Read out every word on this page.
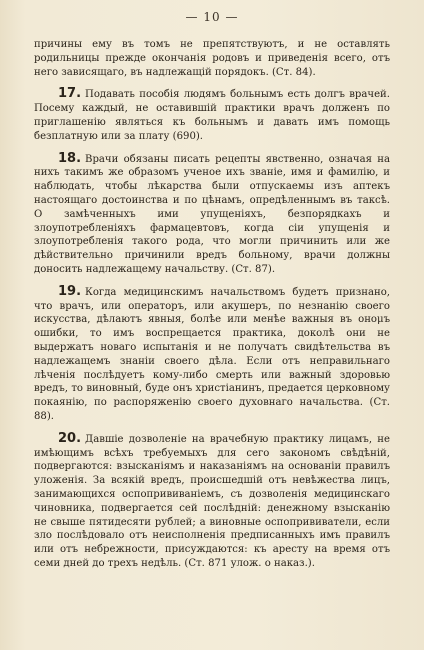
— 10 —

причины ему въ томъ не препятствуютъ, и не оставлять родильницы прежде окончанія родовъ и приведенія всего, отъ него зависящаго, въ надлежащій порядокъ. (Ст. 84).

17. Подавать пособія людямъ больнымъ есть долгъ врачей. Посему каждый, не оставившій практики врачъ долженъ по приглашенію являться къ больнымъ и давать имъ помощь безплатную или за плату (690).

18. Врачи обязаны писать рецепты явственно, означая на нихъ такимъ же образомъ ученое ихъ званіе, имя и фамилію, и наблюдать, чтобы лѣкарства были отпускаемы изъ аптекъ настоящаго достоинства и по цѣнамъ, опредѣленнымъ въ таксѣ. О замѣченныхъ ими упущеніяхъ, безпорядкахъ и злоупотребленіяхъ фармацевтовъ, когда сіи упущенія и злоупотребленія такого рода, что могли причинить или же дѣйствительно причинили вредъ больному, врачи должны доносить надлежащему начальству. (Ст. 87).

19. Когда медицинскимъ начальствомъ будетъ признано, что врачъ, или операторъ, или акушеръ, по незнанію своего искусства, дѣлаютъ явныя, болѣе или менѣе важныя въ онομъ ошибки, то имъ воспрещается практика, доколѣ они не выдержатъ новаго испытанія и не получатъ свидѣтельства въ надлежащемъ знаніи своего дѣла. Если отъ неправильнаго лѣченія послѣдуетъ кому-либо смерть или важный здоровью вредъ, то виновный, буде онъ христіанинъ, предается церковному покаянію, по распоряженію своего духовнаго начальства. (Ст. 88).

20. Давшіе дозволеніе на врачебную практику лицамъ, не имѣющимъ всѣхъ требуемыхъ для сего закономъ свѣдѣній, подвергаются: взысканіямъ и наказаніямъ на основаніи правилъ уложенія. За всякій вредъ, происшедшій отъ невѣжества лицъ, занимающихся оспопрививаніемъ, съ дозволенія медицинскаго чиновника, подвергается сей послѣдній: денежному взысканію не свыше пятидесяти рублей; а виновные оспопрививатели, если зло послѣдовало отъ неисполненія предписанныхъ имъ правилъ или отъ небрежности, присуждаются: къ аресту на время отъ семи дней до трехъ недѣль. (Ст. 871 улож. о наказ.).
